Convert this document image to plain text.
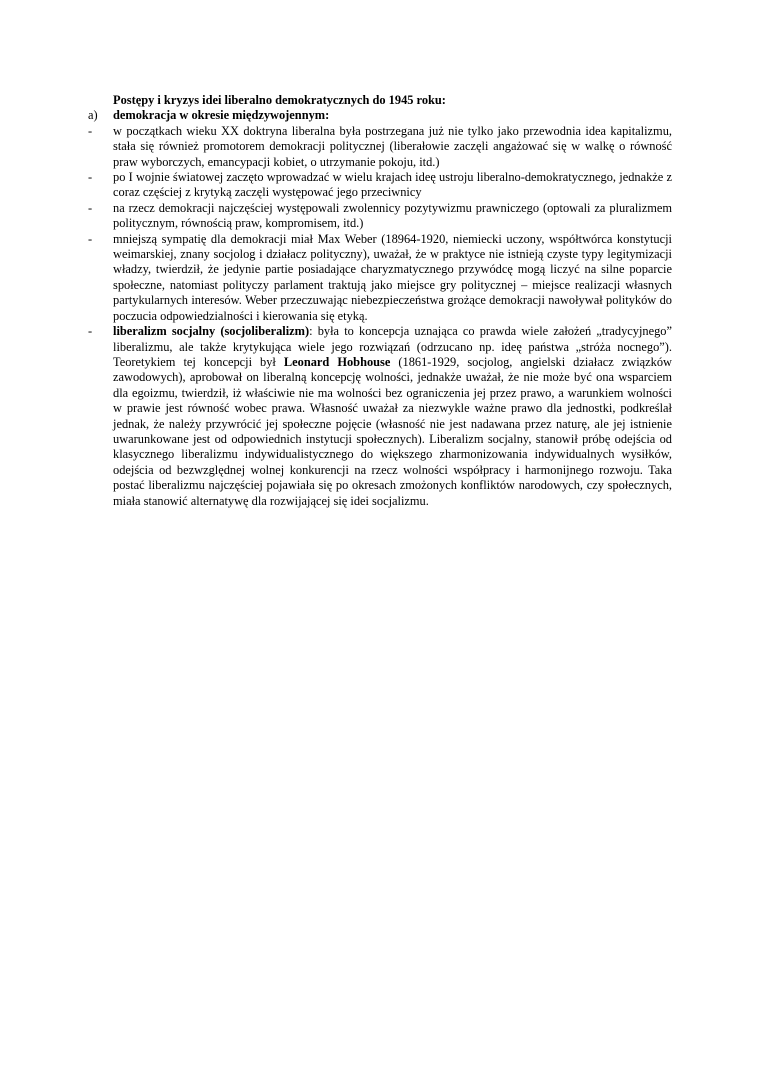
Postępy i kryzys idei liberalno demokratycznych do 1945 roku:
a)	demokracja w okresie międzywojennym:
-	w początkach wieku XX doktryna liberalna była postrzegana już nie tylko jako przewodnia idea kapitalizmu, stała się również promotorem demokracji politycznej (liberałowie zaczęli angażować się w walkę o równość praw wyborczych, emancypacji kobiet, o utrzymanie pokoju, itd.)
-	po I wojnie światowej zaczęto wprowadzać w wielu krajach ideę ustroju liberalno-demokratycznego, jednakże z coraz częściej z krytyką zaczęli występować jego przeciwnicy
-	na rzecz demokracji najczęściej występowali zwolennicy pozytywizmu prawniczego (optowali za pluralizmem politycznym, równością praw, kompromisem, itd.)
-	mniejszą sympatię dla demokracji miał Max Weber (18964-1920, niemiecki uczony, współtwórca konstytucji weimarskiej, znany socjolog i działacz polityczny), uważał, że w praktyce nie istnieją czyste typy legitymizacji władzy, twierdził, że jedynie partie posiadające charyzmatycznego przywódcę mogą liczyć na silne poparcie społeczne, natomiast polityczy parlament traktują jako miejsce gry politycznej – miejsce realizacji własnych partykularnych interesów. Weber przeczuwając niebezpieczeństwa grożące demokracji nawoływał polityków do poczucia odpowiedzialności i kierowania się etyką.
-	liberalizm socjalny (socjoliberalizm): była to koncepcja uznająca co prawda wiele założeń „tradycyjnego” liberalizmu, ale także krytykująca wiele jego rozwiązań (odrzucano np. ideę państwa „stróża nocnego”). Teoretykiem tej koncepcji był Leonard Hobhouse (1861-1929, socjolog, angielski działacz związków zawodowych), aprobował on liberalną koncepcję wolności, jednakże uważał, że nie może być ona wsparciem dla egoizmu, twierdził, iż właściwie nie ma wolności bez ograniczenia jej przez prawo, a warunkiem wolności w prawie jest równość wobec prawa. Własność uważał za niezwykle ważne prawo dla jednostki, podkreślał jednak, że należy przywrócić jej społeczne pojęcie (własność nie jest nadawana przez naturę, ale jej istnienie uwarunkowane jest od odpowiednich instytucji społecznych). Liberalizm socjalny, stanowił próbę odejścia od klasycznego liberalizmu indywidualistycznego do większego zharmonizowania indywidualnych wysiłków, odejścia od bezwzględnej wolnej konkurencji na rzecz wolności współpracy i harmonijnego rozwoju. Taka postać liberalizmu najczęściej pojawiała się po okresach zmożonych konfliktów narodowych, czy społecznych, miała stanowić alternatywę dla rozwijającej się idei socjalizmu.
